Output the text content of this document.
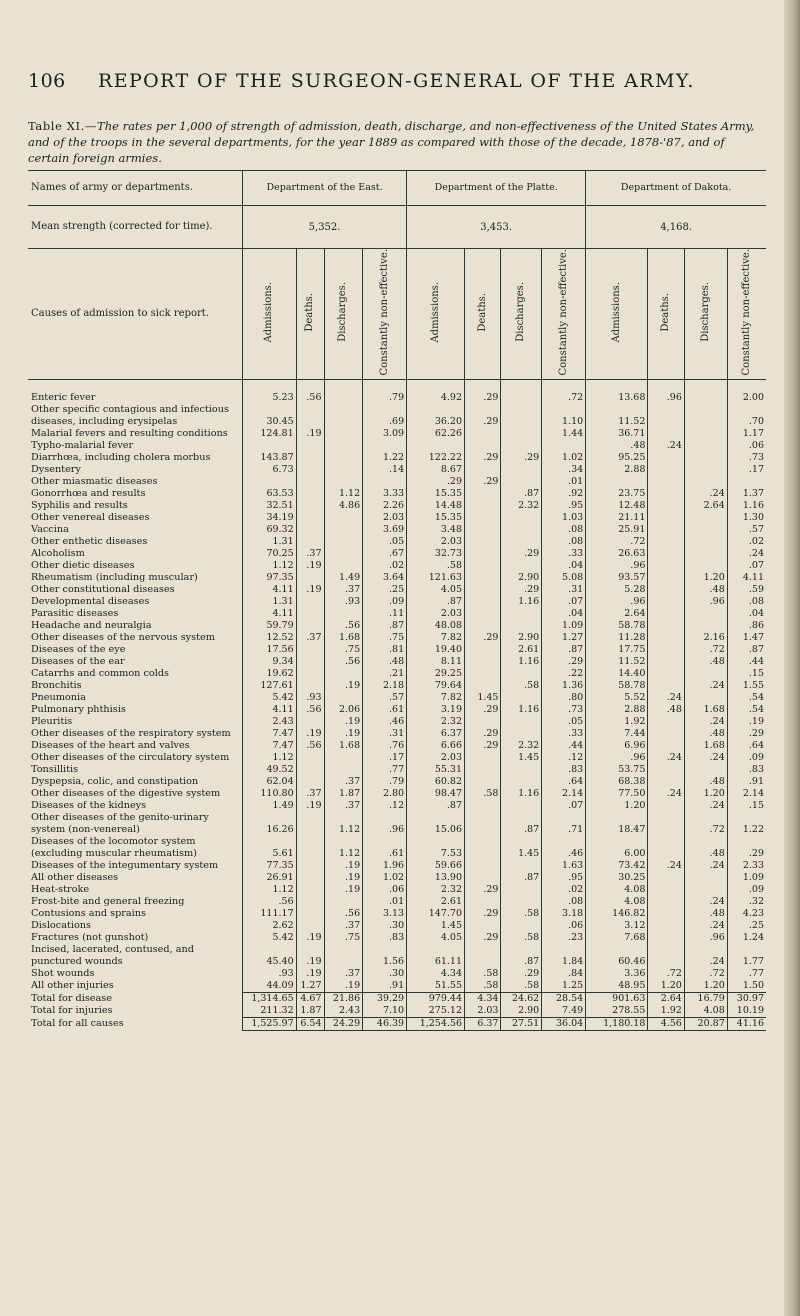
106 REPORT OF THE SURGEON-GENERAL OF THE ARMY.
Table XI.—The rates per 1,000 of strength of admission, death, discharge, and non-effectiveness of the United States Army, and of the troops in the several departments, for the year 1889 as compared with those of the decade, 1878-'87, and of certain foreign armies.
Names of army or departments.	Department of the East.				Department of the Platte.				Department of Dakota.			
Mean strength (corrected for time).	5,352.				3,453.				4,168.			
Causes of admission to sick report.	Admissions.	Deaths.	Discharges.	Constantly non-effective.	Admissions.	Deaths.	Discharges.	Constantly non-effective.	Admissions.	Deaths.	Discharges.	Constantly non-effective.

Enteric fever	5.23	.56		.79	4.92	.29		.72	13.68	.96		2.00
Other specific contagious and infectious diseases, including erysipelas	30.45			.69	36.20	.29		1.10	11.52			.70
Malarial fevers and resulting conditions	124.81	.19		3.09	62.26			1.44	36.71			1.17
Typho-malarial fever									.48	.24		.06
Diarrhœa, including cholera morbus	143.87			1.22	122.22	.29	.29	1.02	95.25			.73
Dysentery	6.73			.14	8.67			.34	2.88			.17
Other miasmatic diseases					.29	.29		.01				
Gonorrhœa and results	63.53		1.12	3.33	15.35		.87	.92	23.75		.24	1.37
Syphilis and results	32.51		4.86	2.26	14.48		2.32	.95	12.48		2.64	1.16
Other venereal diseases	34.19			2.03	15.35			1.03	21.11			1.30
Vaccina	69.32			3.69	3.48			.08	25.91			.57
Other enthetic diseases	1.31			.05	2.03			.08	.72			.02
Alcoholism	70.25	.37		.67	32.73		.29	.33	26.63			.24
Other dietic diseases	1.12	.19		.02	.58			.04	.96			.07
Rheumatism (including muscular)	97.35		1.49	3.64	121.63		2.90	5.08	93.57		1.20	4.11
Other constitutional diseases	4.11	.19	.37	.25	4.05		.29	.31	5.28		.48	.59
Developmental diseases	1.31		.93	.09	.87		1.16	.07	.96		.96	.08
Parasitic diseases	4.11			.11	2.03			.04	2.64			.04
Headache and neuralgia	59.79		.56	.87	48.08			1.09	58.78			.86
Other diseases of the nervous system	12.52	.37	1.68	.75	7.82	.29	2.90	1.27	11.28		2.16	1.47
Diseases of the eye	17.56		.75	.81	19.40		2.61	.87	17.75		.72	.87
Diseases of the ear	9.34		.56	.48	8.11		1.16	.29	11.52		.48	.44
Catarrhs and common colds	19.62			.21	29.25			.22	14.40			.15
Bronchitis	127.61		.19	2.18	79.64		.58	1.36	58.78		.24	1.55
Pneumonia	5.42	.93		.57	7.82	1.45		.80	5.52	.24		.54
Pulmonary phthisis	4.11	.56	2.06	.61	3.19	.29	1.16	.73	2.88	.48	1.68	.54
Pleuritis	2.43		.19	.46	2.32			.05	1.92		.24	.19
Other diseases of the respiratory system	7.47	.19	.19	.31	6.37	.29		.33	7.44		.48	.29
Diseases of the heart and valves	7.47	.56	1.68	.76	6.66	.29	2.32	.44	6.96		1.68	.64
Other diseases of the circulatory system	1.12			.17	2.03		1.45	.12	.96	.24	.24	.09
Tonsillitis	49.52			.77	55.31			.83	53.75			.83
Dyspepsia, colic, and constipation	62.04		.37	.79	60.82			.64	68.38		.48	.91
Other diseases of the digestive system	110.80	.37	1.87	2.80	98.47	.58	1.16	2.14	77.50	.24	1.20	2.14
Diseases of the kidneys	1.49	.19	.37	.12	.87			.07	1.20		.24	.15
Other diseases of the genito-urinary system (non-venereal)	16.26		1.12	.96	15.06		.87	.71	18.47		.72	1.22
Diseases of the locomotor system (excluding muscular rheumatism)	5.61		1.12	.61	7.53		1.45	.46	6.00		.48	.29
Diseases of the integumentary system	77.35		.19	1.96	59.66			1.63	73.42	.24	.24	2.33
All other diseases	26.91		.19	1.02	13.90		.87	.95	30.25			1.09
Heat-stroke	1.12		.19	.06	2.32	.29		.02	4.08			.09
Frost-bite and general freezing	.56			.01	2.61			.08	4.08		.24	.32
Contusions and sprains	111.17		.56	3.13	147.70	.29	.58	3.18	146.82		.48	4.23
Dislocations	2.62		.37	.30	1.45			.06	3.12		.24	.25
Fractures (not gunshot)	5.42	.19	.75	.83	4.05	.29	.58	.23	7.68		.96	1.24
Incised, lacerated, contused, and punctured wounds	45.40	.19		1.56	61.11		.87	1.84	60.46		.24	1.77
Shot wounds	.93	.19	.37	.30	4.34	.58	.29	.84	3.36	.72	.72	.77
All other injuries	44.09	1.27	.19	.91	51.55	.58	.58	1.25	48.95	1.20	1.20	1.50
Total for disease	1,314.65	4.67	21.86	39.29	979.44	4.34	24.62	28.54	901.63	2.64	16.79	30.97
Total for injuries	211.32	1.87	2.43	7.10	275.12	2.03	2.90	7.49	278.55	1.92	4.08	10.19
Total for all causes	1,525.97	6.54	24.29	46.39	1,254.56	6.37	27.51	36.04	1,180.18	4.56	20.87	41.16
